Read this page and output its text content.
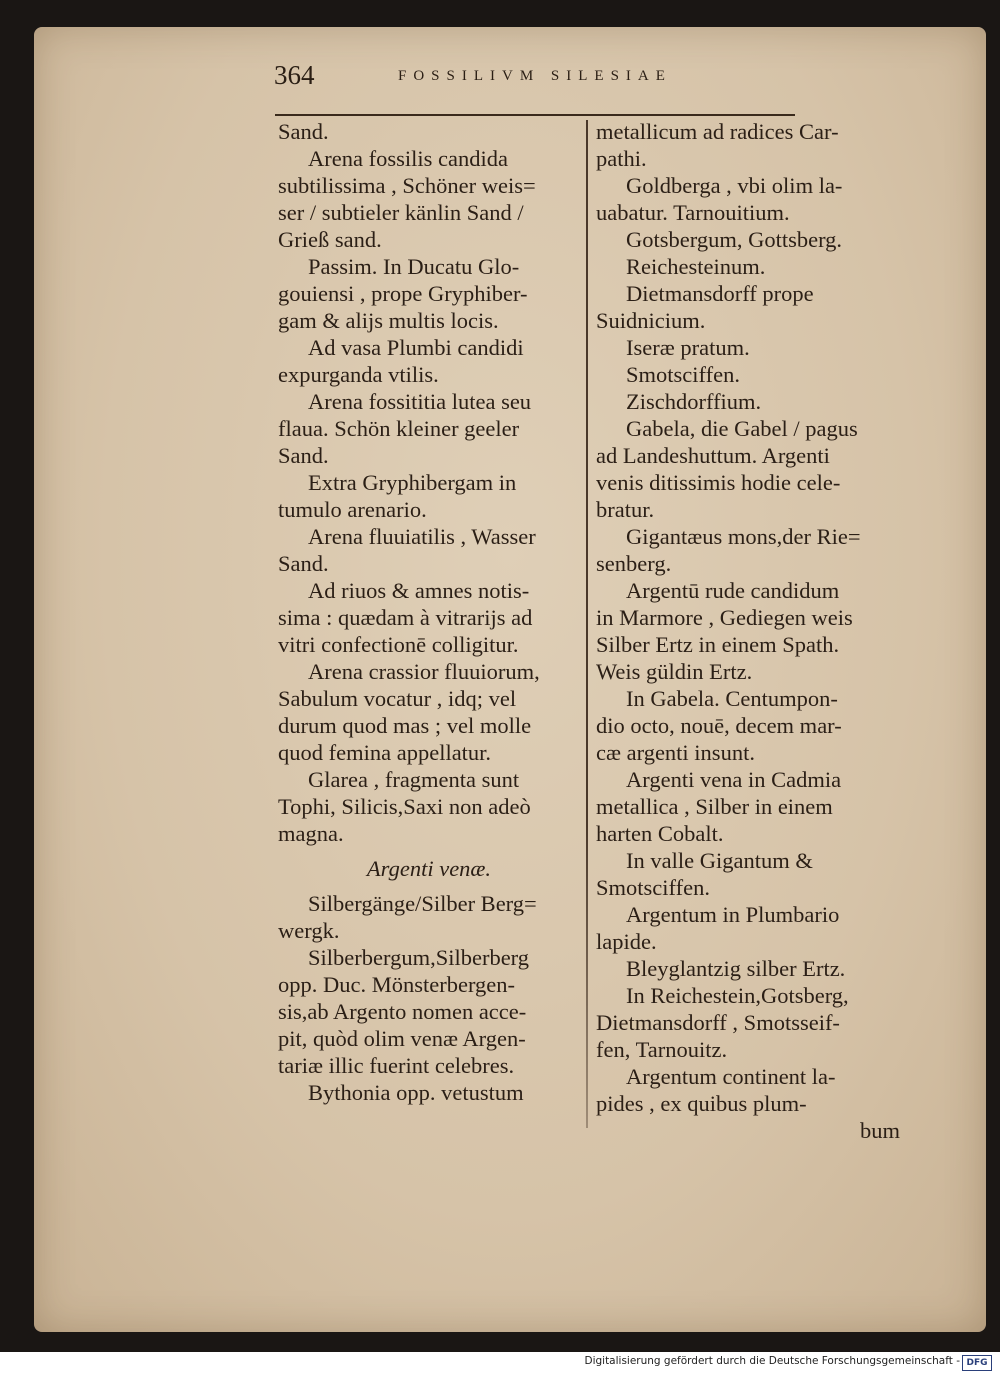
364	FOSSILIVM SILESIAE
Sand.
Arena fossilis candida
subtilissima , Schöner weis=
ser / subtieler känlin Sand /
Grieß sand.
Passim. In Ducatu Glo-
gouiensi , prope Gryphiber-
gam & alijs multis locis.
Ad vasa Plumbi candidi
expurganda vtilis.
Arena fossititia lutea seu
flaua. Schön kleiner geeler
Sand.
Extra Gryphibergam in
tumulo arenario.
Arena fluuiatilis , Wasser
Sand.
Ad riuos & amnes notis-
sima : quædam à vitrarijs ad
vitri confectionē colligitur.
Arena crassior fluuiorum,
Sabulum vocatur , idq; vel
durum quod mas ; vel molle
quod femina appellatur.
Glarea , fragmenta sunt
Tophi, Silicis,Saxi non adeò
magna.
Argenti venæ.
Silbergänge/Silber Berg=
wergk.
Silberbergum,Silberberg
opp. Duc. Mönsterbergen-
sis,ab Argento nomen acce-
pit, quòd olim venæ Argen-
tariæ illic fuerint celebres.
Bythonia opp. vetustum
metallicum ad radices Car-
pathi.
Goldberga , vbi olim la-
uabatur. Tarnouitium.
Gotsbergum, Gottsberg.
Reichesteinum.
Dietmansdorff prope
Suidnicium.
Iseræ pratum.
Smotsciffen.
Zischdorffium.
Gabela, die Gabel / pagus
ad Landeshuttum. Argenti
venis ditissimis hodie cele-
bratur.
Gigantæus mons,der Rie=
senberg.
Argentū rude candidum
in Marmore , Gediegen weis
Silber Ertz in einem Spath.
Weis güldin Ertz.
In Gabela. Centumpon-
dio octo, nouē, decem mar-
cæ argenti insunt.
Argenti vena in Cadmia
metallica , Silber in einem
harten Cobalt.
In valle Gigantum &
Smotsciffen.
Argentum in Plumbario
lapide.
Bleyglantzig silber Ertz.
In Reichestein,Gotsberg,
Dietmansdorff , Smotsseif-
fen, Tarnouitz.
Argentum continent la-
pides , ex quibus plum-
bum
Digitalisierung gefördert durch die Deutsche Forschungsgemeinschaft - DFG
